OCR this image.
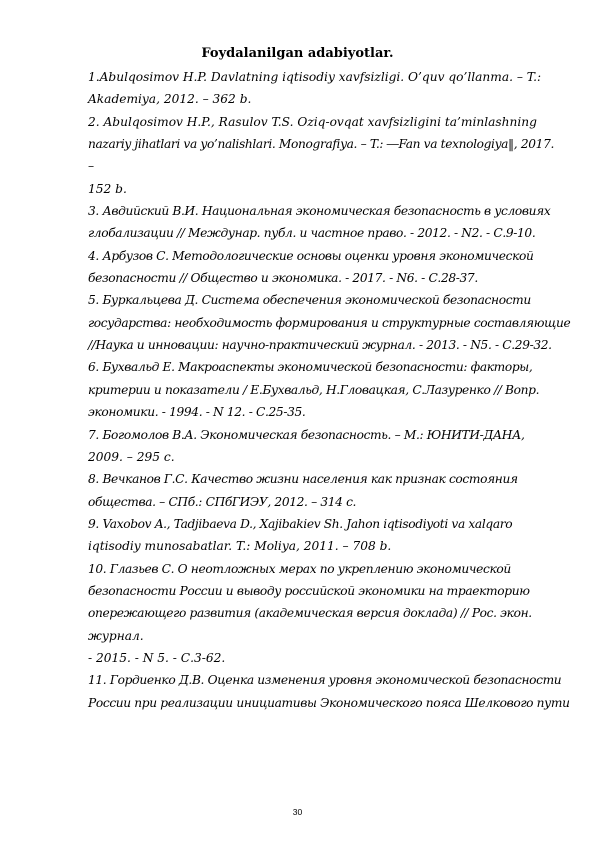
Foydalanilgan adabiyotlar.
1.Abulqosimov H.P. Davlatning iqtisodiy xavfsizligi. O’quv qo’llanma. – T.:
Akademiya, 2012. – 362 b.
2. Abulqosimov H.P., Rasulov T.S. Oziq-ovqat xavfsizligini ta’minlashning
nazariy jihatlari va yo’nalishlari. Monografiya. – T.: ―Fan va texnologiya‖, 2017.
–
152 b.
3. Авдийский В.И. Национальная экономическая безопасность в условиях
глобализации // Междунар. публ. и частное право. - 2012. - N2. - С.9-10.
4. Арбузов С. Методологические основы оценки уровня экономической
безопасности // Общество и экономика. - 2017. - N6. - С.28-37.
5. Буркальцева Д. Система обеспечения экономической безопасности
государства: необходимость формирования и структурные составляющие
//Наука и инновации: научно-практический журнал. - 2013. - N5. - С.29-32.
6. Бухвальд Е. Макроаспекты экономической безопасности: факторы,
критерии и показатели / Е.Бухвальд, Н.Гловацкая, С.Лазуренко // Вопр.
экономики. - 1994. - N 12. - С.25-35.
7. Богомолов В.А. Экономическая безопасность. – М.: ЮНИТИ-ДАНА,
2009. – 295 с.
8. Вечканов Г.С. Качество жизни населения как признак состояния
общества. – СПб.: СПбГИЭУ, 2012. – 314 с.
9. Vaxobov A., Tadjibaeva D., Xajibakiev Sh. Jahon iqtisodiyoti va xalqaro
iqtisodiy munosabatlar. T.: Moliya, 2011. – 708 b.
10. Глазьев С. О неотложных мерах по укреплению экономической
безопасности России и выводу российской экономики на траекторию
опережающего развития (академическая версия доклада) // Рос. экон.
журнал.
- 2015. - N 5. - С.3-62.
11. Гордиенко Д.В. Оценка изменения уровня экономической безопасности
России при реализации инициативы Экономического пояса Шелкового пути
30
